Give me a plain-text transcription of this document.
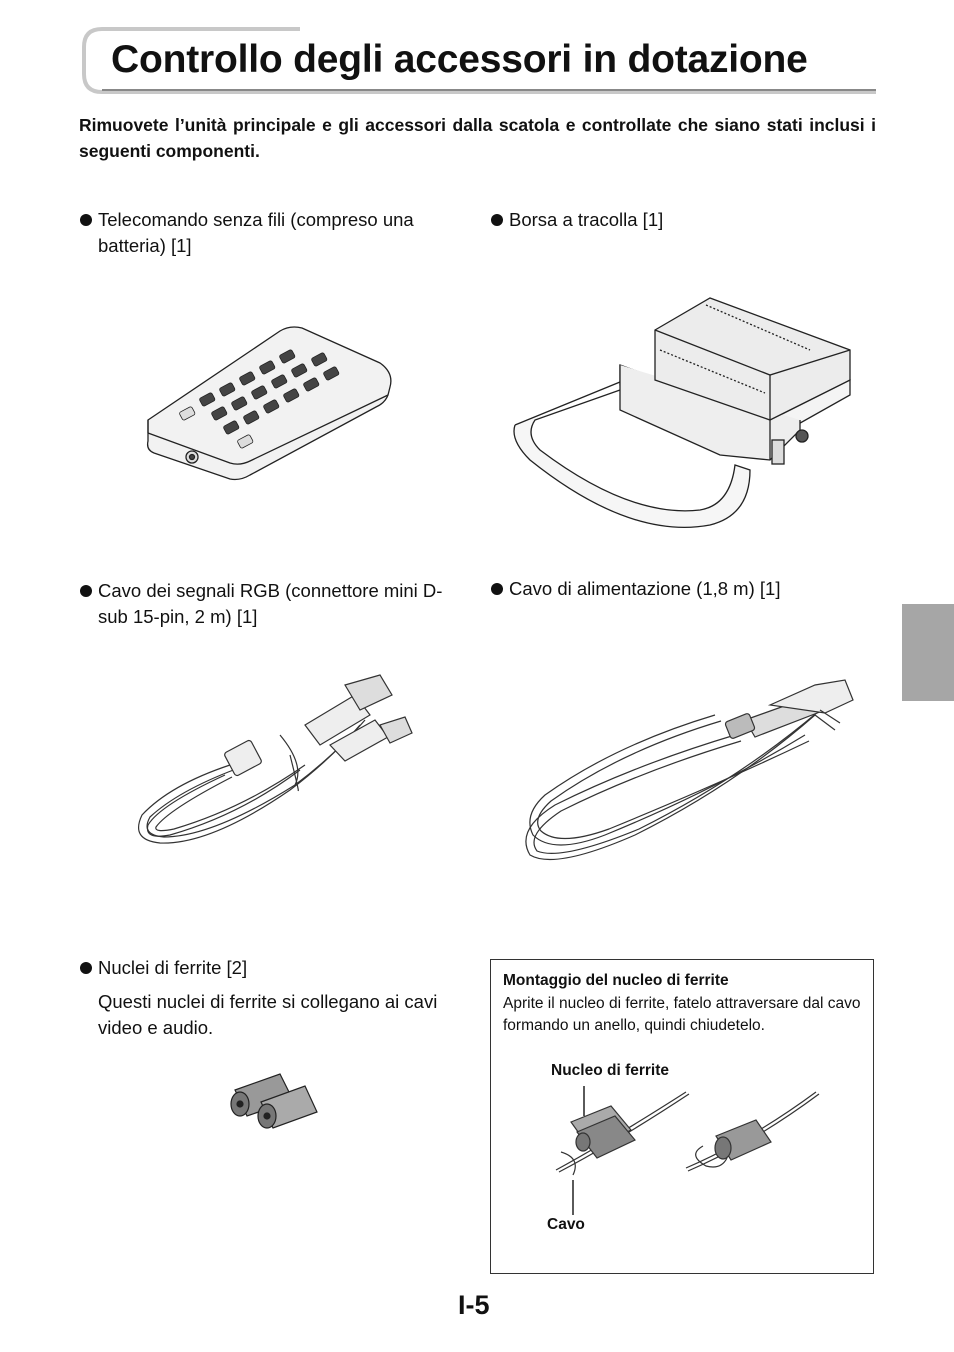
Controllo degli accessori in dotazione
Rimuovete l’unità principale e gli accessori dalla scatola e controllate che siano stati inclusi i seguenti componenti.
Telecomando senza fili (compreso una batteria) [1]
Borsa a tracolla [1]
Cavo dei segnali RGB (connettore mini D-sub 15-pin, 2 m) [1]
Cavo di alimentazione (1,8 m) [1]
Nuclei di ferrite [2]
Questi nuclei di ferrite si collegano ai cavi video e audio.
Montaggio del nucleo di ferrite
Aprite il nucleo di ferrite, fatelo attraversare dal cavo formando un anello, quindi chiudetelo.
Nucleo di ferrite
Cavo
I-5
